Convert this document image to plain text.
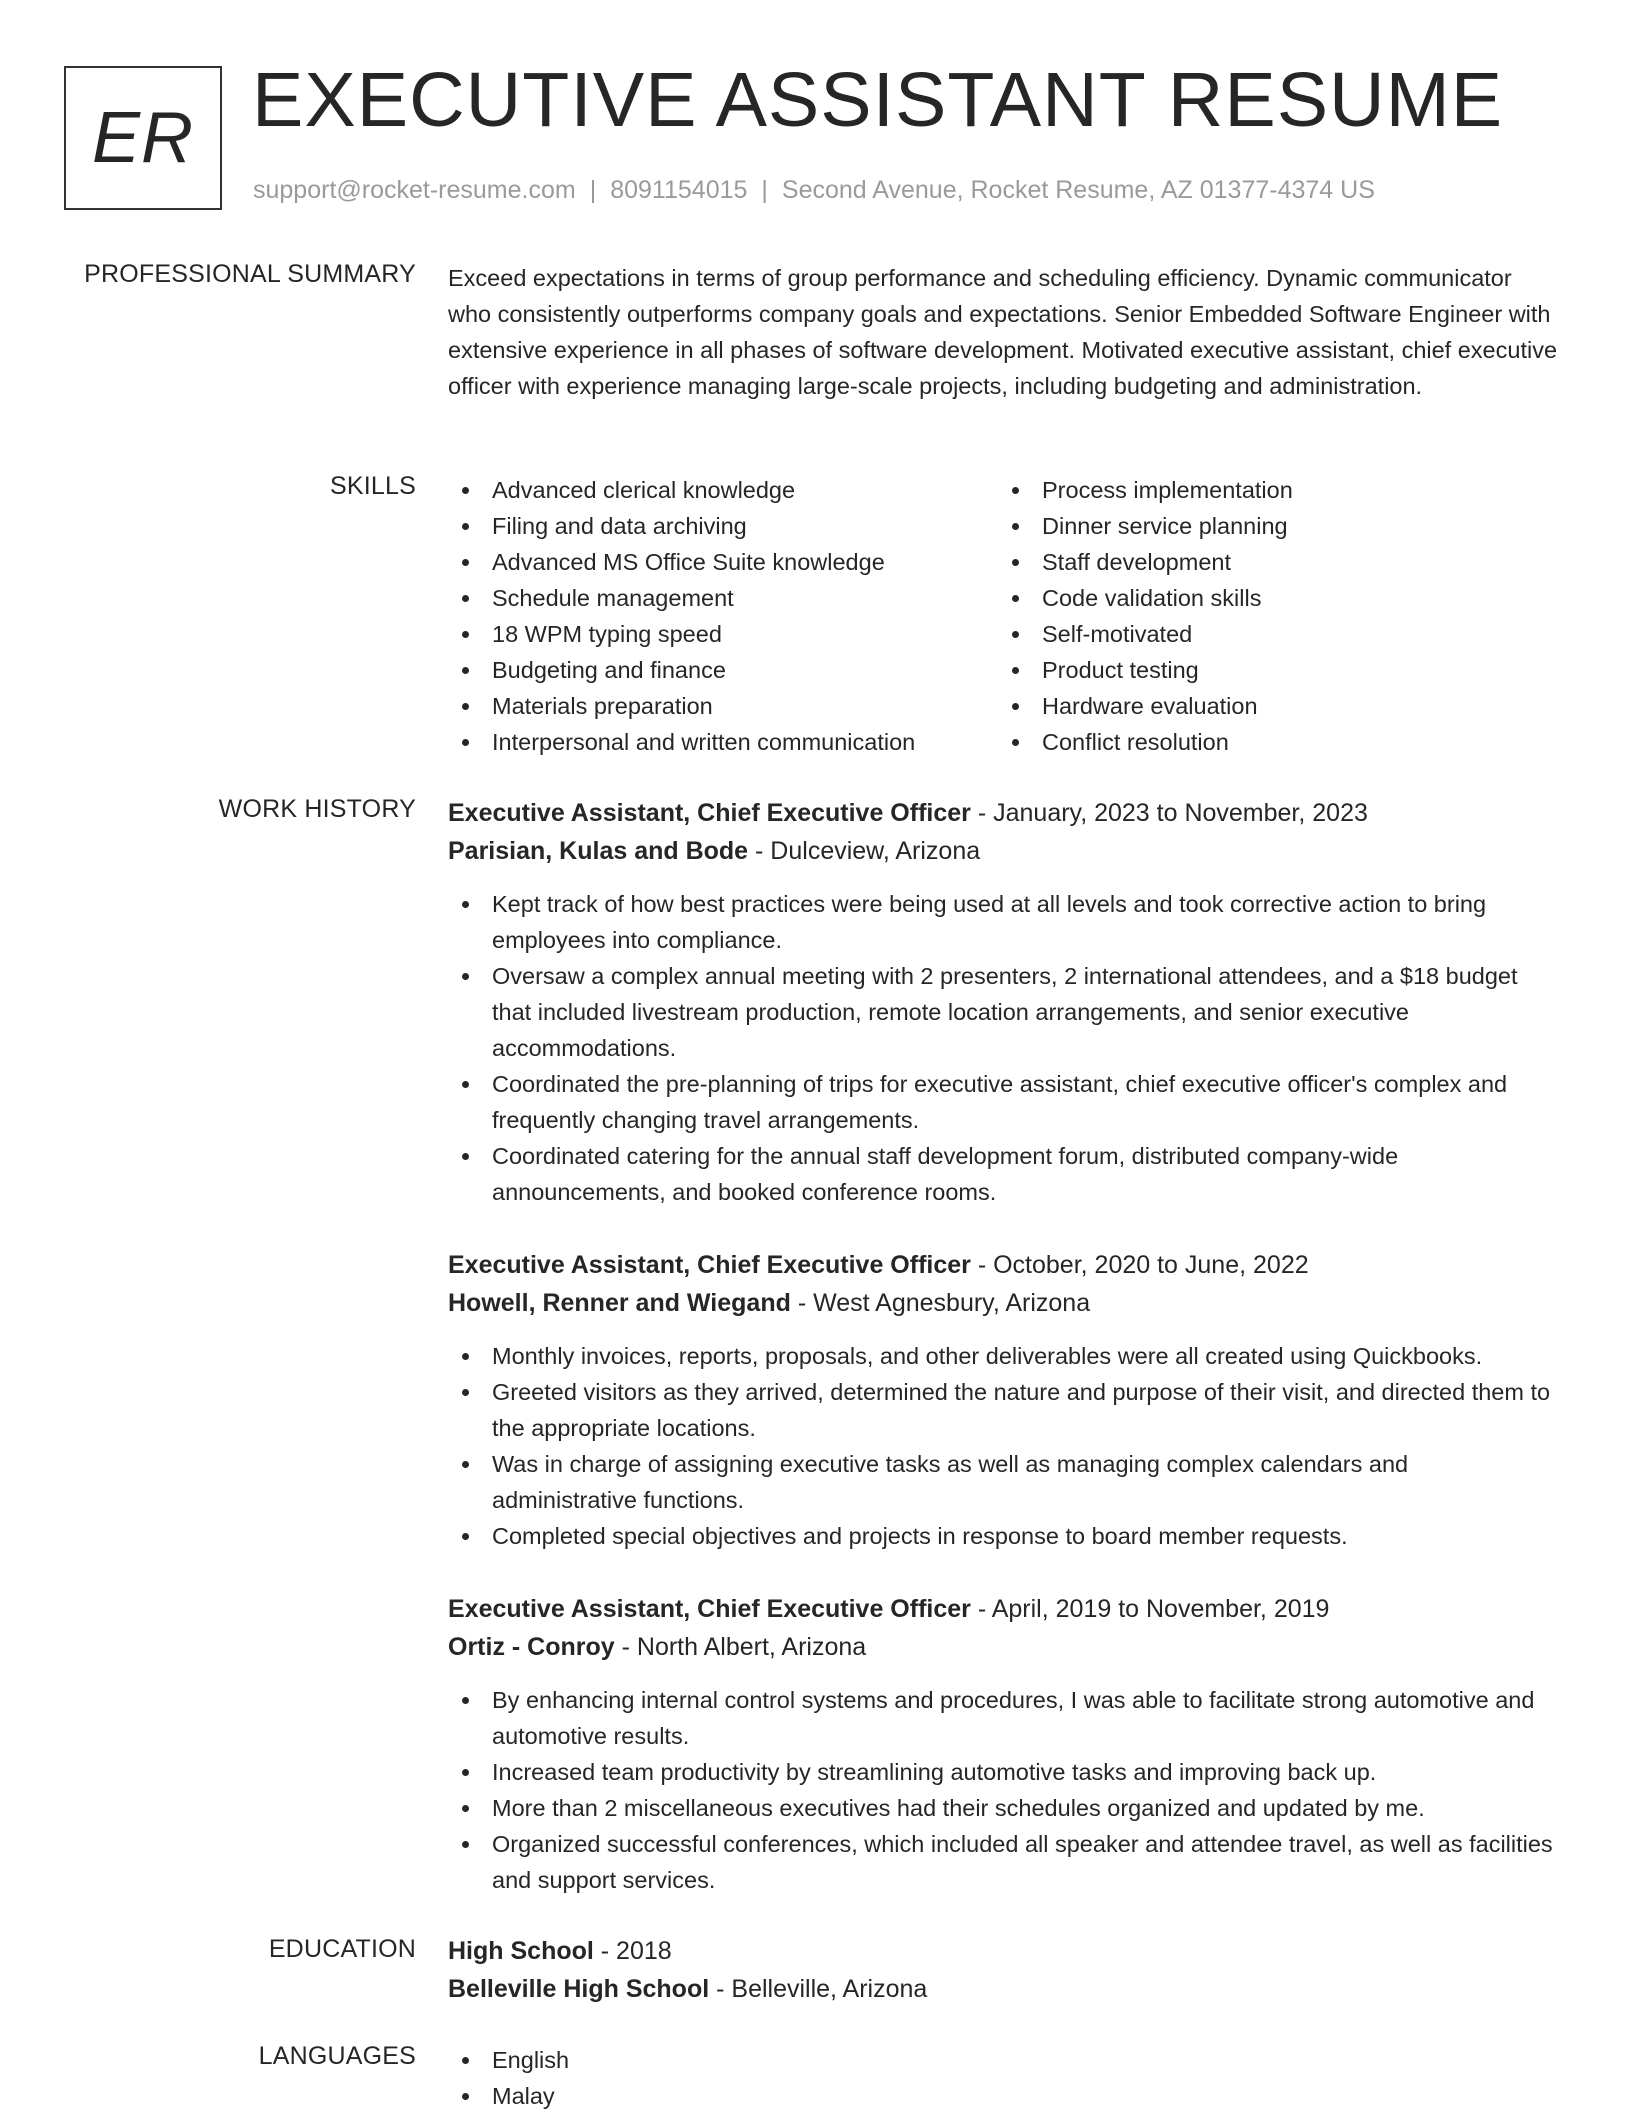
ER EXECUTIVE ASSISTANT RESUME
support@rocket-resume.com | 8091154015 | Second Avenue, Rocket Resume, AZ 01377-4374 US
PROFESSIONAL SUMMARY Exceed expectations in terms of group performance and scheduling efficiency. Dynamic communicator who consistently outperforms company goals and expectations. Senior Embedded Software Engineer with extensive experience in all phases of software development. Motivated executive assistant, chief executive officer with experience managing large-scale projects, including budgeting and administration.
SKILLS	Advanced clerical knowledge
Filing and data archiving
Advanced MS Office Suite knowledge
Schedule management
18 WPM typing speed
Budgeting and finance
Materials preparation
Interpersonal and written communication
Process implementation
Dinner service planning
Staff development
Code validation skills
Self-motivated
Product testing
Hardware evaluation
Conflict resolution
WORK HISTORY Executive Assistant, Chief Executive Officer - January, 2023 to November, 2023
Parisian, Kulas and Bode - Dulceview, Arizona
Kept track of how best practices were being used at all levels and took corrective action to bring employees into compliance.
Oversaw a complex annual meeting with 2 presenters, 2 international attendees, and a $18 budget that included livestream production, remote location arrangements, and senior executive accommodations.
Coordinated the pre-planning of trips for executive assistant, chief executive officer's complex and frequently changing travel arrangements.
Coordinated catering for the annual staff development forum, distributed company-wide announcements, and booked conference rooms.
Executive Assistant, Chief Executive Officer - October, 2020 to June, 2022
Howell, Renner and Wiegand - West Agnesbury, Arizona
Monthly invoices, reports, proposals, and other deliverables were all created using Quickbooks.
Greeted visitors as they arrived, determined the nature and purpose of their visit, and directed them to the appropriate locations.
Was in charge of assigning executive tasks as well as managing complex calendars and administrative functions.
Completed special objectives and projects in response to board member requests.
Executive Assistant, Chief Executive Officer - April, 2019 to November, 2019
Ortiz - Conroy - North Albert, Arizona
By enhancing internal control systems and procedures, I was able to facilitate strong automotive and automotive results.
Increased team productivity by streamlining automotive tasks and improving back up.
More than 2 miscellaneous executives had their schedules organized and updated by me.
Organized successful conferences, which included all speaker and attendee travel, as well as facilities and support services.
EDUCATION High School - 2018
Belleville High School - Belleville, Arizona
LANGUAGES	English
Malay
